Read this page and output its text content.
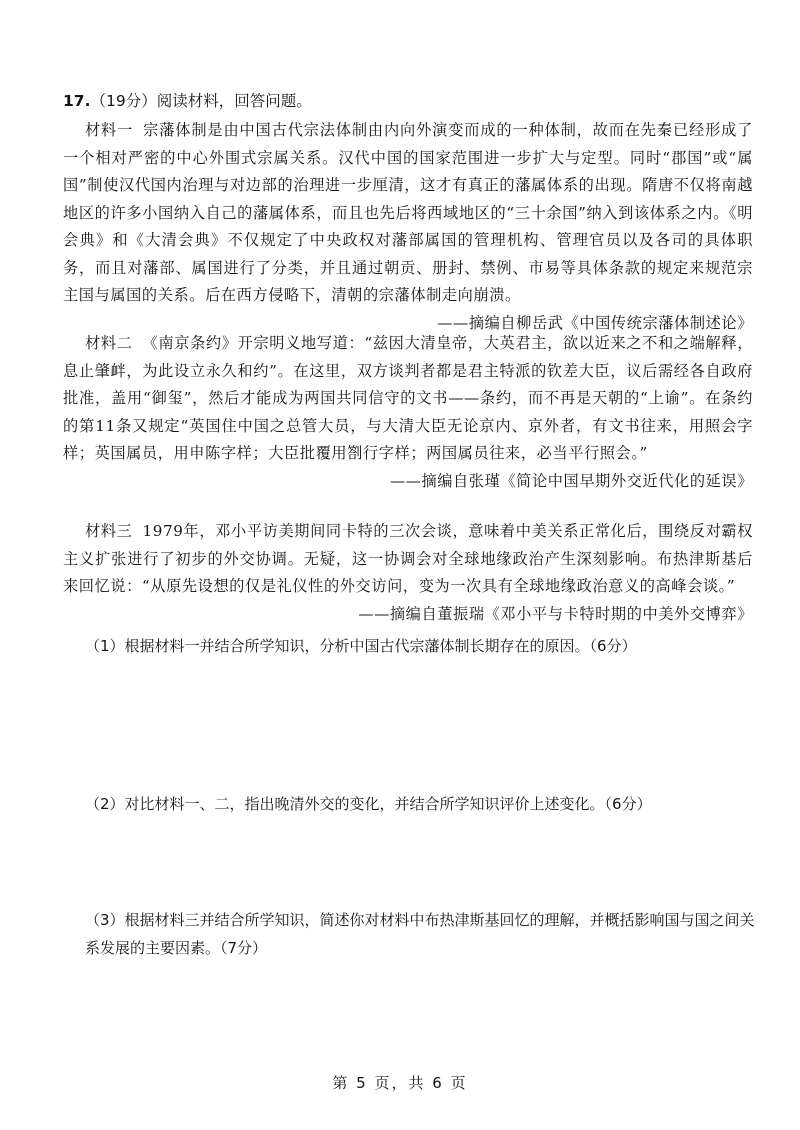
17.（19分）阅读材料，回答问题。
材料一 宗藩体制是由中国古代宗法体制由内向外演变而成的一种体制，故而在先秦已经形成了一个相对严密的中心外围式宗属关系。汉代中国的国家范围进一步扩大与定型。同时“郡国”或“属国”制使汉代国内治理与对边部的治理进一步厘清，这才有真正的藩属体系的出现。隋唐不仅将南越地区的许多小国纳入自己的藩属体系，而且也先后将西域地区的“三十余国”纳入到该体系之内。《明会典》和《大清会典》不仅规定了中央政权对藩部属国的管理机构、管理官员以及各司的具体职务，而且对藩部、属国进行了分类，并且通过朝贡、册封、禁例、市易等具体条款的规定来规范宗主国与属国的关系。后在西方侵略下，清朝的宗藩体制走向崩溃。
——摘编自柳岳武《中国传统宗藩体制述论》
材料二 《南京条约》开宗明义地写道：“兹因大清皇帝，大英君主，欲以近来之不和之端解释，息止肇衅，为此设立永久和约”。在这里，双方谈判者都是君主特派的钦差大臣，议后需经各自政府批准，盖用“御玺”，然后才能成为两国共同信守的文书——条约，而不再是天朝的“上谕”。在条约的第11条又规定“英国住中国之总管大员，与大清大臣无论京内、京外者，有文书往来，用照会字样；英国属员，用申陈字样；大臣批覆用劄行字样；两国属员往来，必当平行照会。”
——摘编自张瑾《简论中国早期外交近代化的延误》
材料三 1979年，邓小平访美期间同卡特的三次会谈，意味着中美关系正常化后，围绕反对霸权主义扩张进行了初步的外交协调。无疑，这一协调会对全球地缘政治产生深刻影响。布热津斯基后来回忆说：“从原先设想的仅是礼仪性的外交访问，变为一次具有全球地缘政治意义的高峰会谈。”
——摘编自董振瑞《邓小平与卡特时期的中美外交博弈》
（1）根据材料一并结合所学知识，分析中国古代宗藩体制长期存在的原因。（6分）
（2）对比材料一、二，指出晚清外交的变化，并结合所学知识评价上述变化。（6分）
（3）根据材料三并结合所学知识，简述你对材料中布热津斯基回忆的理解，并概括影响国与国之间关系发展的主要因素。（7分）
第 5 页，共 6 页
